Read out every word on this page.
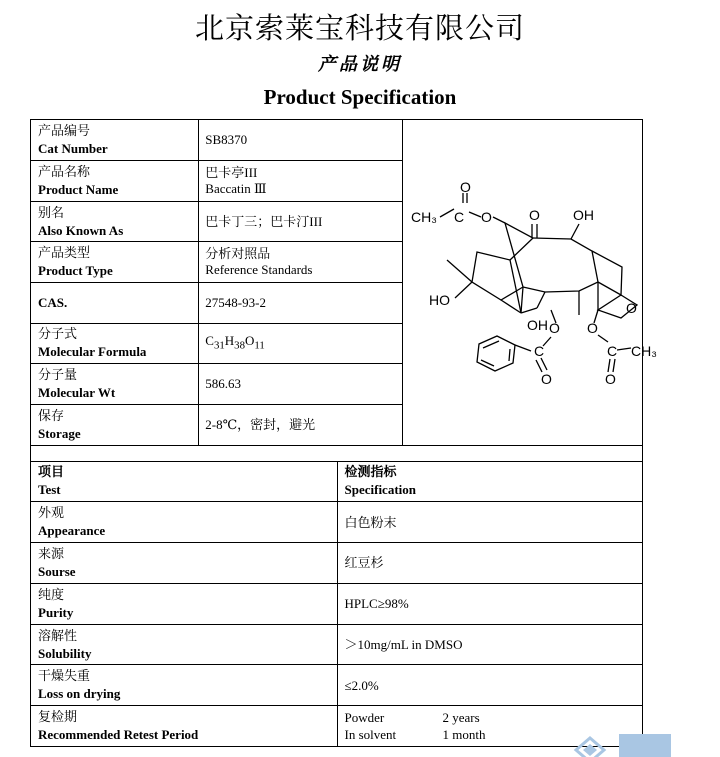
北京索莱宝科技有限公司
产品说明
Product Specification
产品编号
Cat Number	SB8370

产品名称
Product Name	巴卡亭III
Baccatin Ⅲ

别名
Also Known As	巴卡丁三；巴卡汀III

产品类型
Product Type	分析对照品
Reference Standards

CAS.	27548-93-2

分子式
Molecular Formula	$C_{31}H_{38}O_{11}$

分子量
Molecular Wt	586.63

保存
Storage	2-8℃，密封，避光
CH₃ C
O
O	O OH
O
HO
OH O
C
O
O
C CH₃
O
项目
Test	检测指标
Specification

外观
Appearance	白色粉末

来源
Sourse	红豆杉

纯度
Purity	HPLC≥98%

溶解性
Solubility	＞10mg/mL in DMSO

干燥失重
Loss on drying	≤2.0%

复检期
Recommended Retest Period	Powder 2 years
In solvent 1 month
